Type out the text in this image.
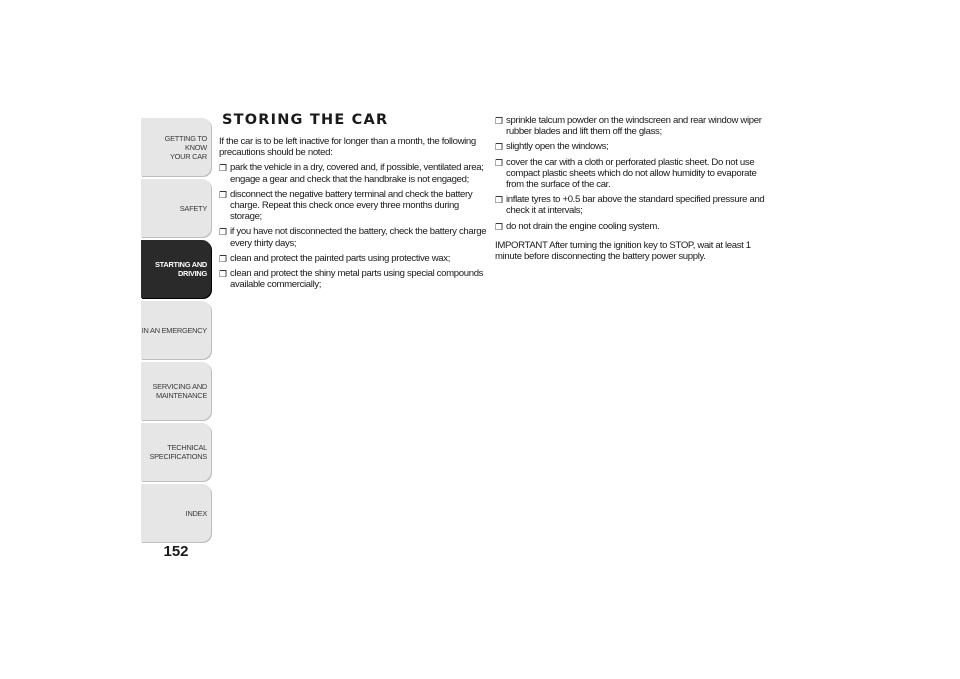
GETTING TO KNOW
YOUR CAR
SAFETY
STARTING AND
DRIVING
IN AN EMERGENCY
SERVICING AND
MAINTENANCE
TECHNICAL
SPECIFICATIONS
INDEX
152
STORING THE CAR

If the car is to be left inactive for longer than a month, the following precautions should be noted:

❐ park the vehicle in a dry, covered and, if possible, ventilated area; engage a gear and check that the handbrake is not engaged;
❐ disconnect the negative battery terminal and check the battery charge. Repeat this check once every three months during storage;
❐ if you have not disconnected the battery, check the battery charge every thirty days;
❐ clean and protect the painted parts using protective wax;
❐ clean and protect the shiny metal parts using special compounds available commercially;
❐ sprinkle talcum powder on the windscreen and rear window wiper rubber blades and lift them off the glass;
❐ slightly open the windows;
❐ cover the car with a cloth or perforated plastic sheet. Do not use compact plastic sheets which do not allow humidity to evaporate from the surface of the car.
❐ inflate tyres to +0.5 bar above the standard specified pressure and check it at intervals;
❐ do not drain the engine cooling system.

IMPORTANT After turning the ignition key to STOP, wait at least 1 minute before disconnecting the battery power supply.
